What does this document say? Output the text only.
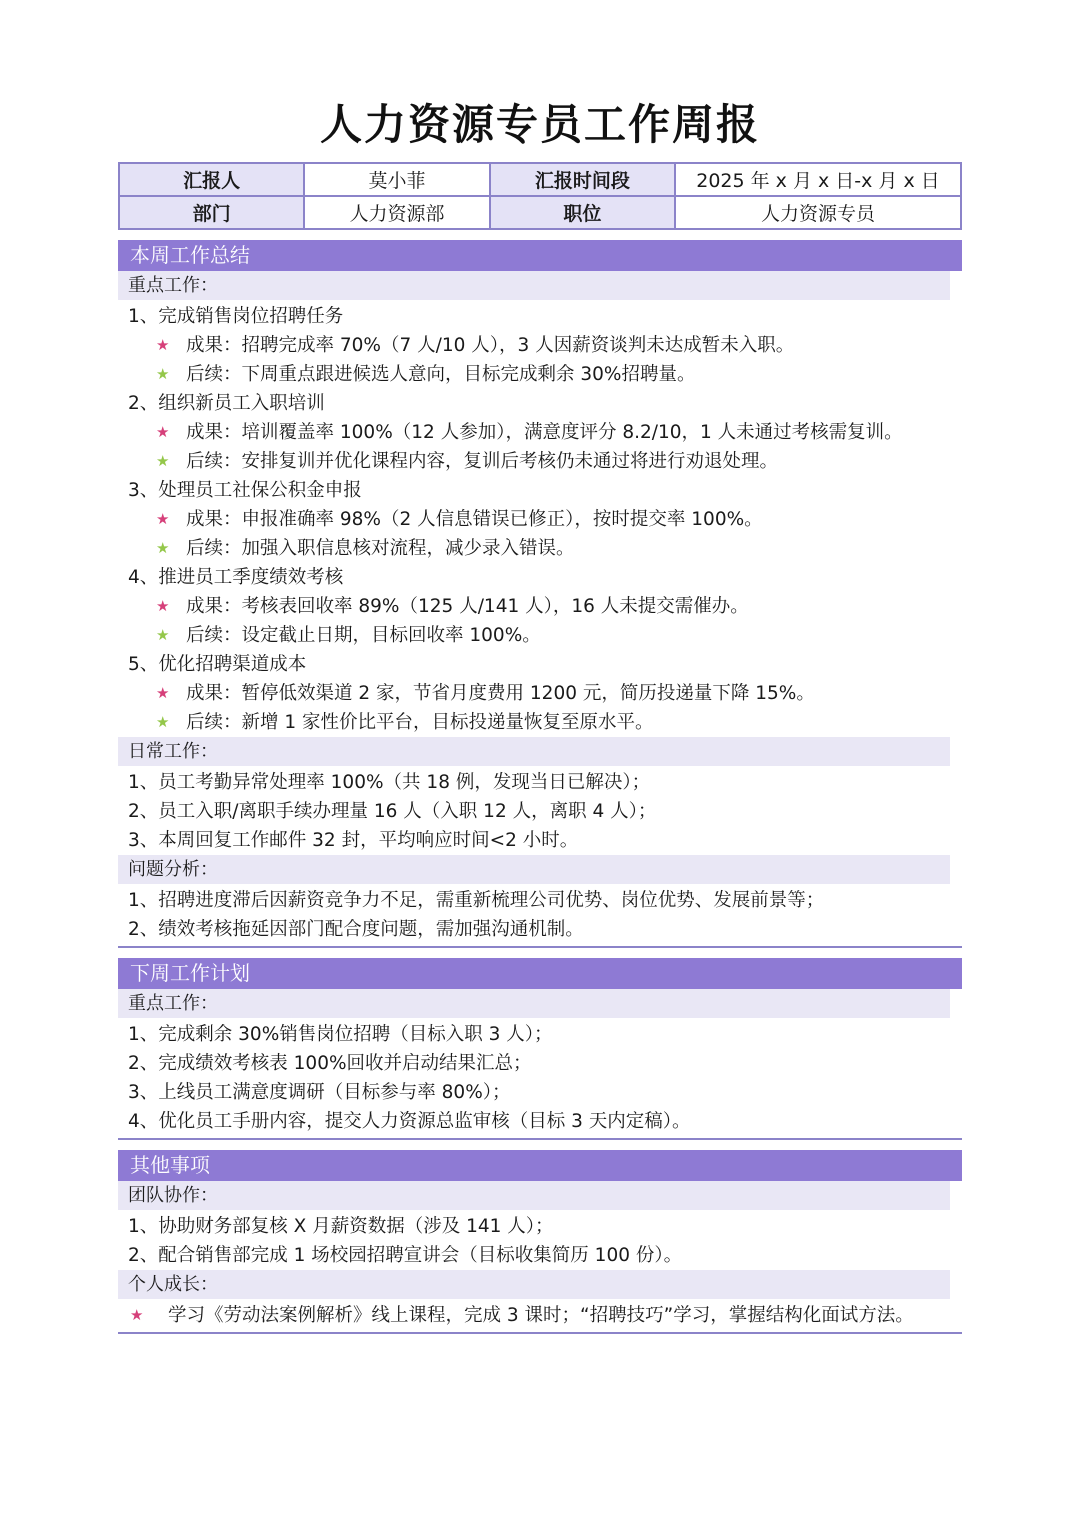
人力资源专员工作周报
汇报人	莫小菲	汇报时间段	2025 年 x 月 x 日-x 月 x 日
部门	人力资源部	职位	人力资源专员
本周工作总结
重点工作：
1、完成销售岗位招聘任务
★ 成果：招聘完成率 70%（7 人/10 人），3 人因薪资谈判未达成暂未入职。
★ 后续：下周重点跟进候选人意向，目标完成剩余 30%招聘量。
2、组织新员工入职培训
★ 成果：培训覆盖率 100%（12 人参加），满意度评分 8.2/10，1 人未通过考核需复训。
★ 后续：安排复训并优化课程内容，复训后考核仍未通过将进行劝退处理。
3、处理员工社保公积金申报
★ 成果：申报准确率 98%（2 人信息错误已修正），按时提交率 100%。
★ 后续：加强入职信息核对流程，减少录入错误。
4、推进员工季度绩效考核
★ 成果：考核表回收率 89%（125 人/141 人），16 人未提交需催办。
★ 后续：设定截止日期，目标回收率 100%。
5、优化招聘渠道成本
★ 成果：暂停低效渠道 2 家，节省月度费用 1200 元，简历投递量下降 15%。
★ 后续：新增 1 家性价比平台，目标投递量恢复至原水平。
日常工作：
1、员工考勤异常处理率 100%（共 18 例，发现当日已解决）；
2、员工入职/离职手续办理量 16 人（入职 12 人，离职 4 人）；
3、本周回复工作邮件 32 封，平均响应时间<2 小时。
问题分析：
1、招聘进度滞后因薪资竞争力不足，需重新梳理公司优势、岗位优势、发展前景等；
2、绩效考核拖延因部门配合度问题，需加强沟通机制。
下周工作计划
重点工作：
1、完成剩余 30%销售岗位招聘（目标入职 3 人）；
2、完成绩效考核表 100%回收并启动结果汇总；
3、上线员工满意度调研（目标参与率 80%）；
4、优化员工手册内容，提交人力资源总监审核（目标 3 天内定稿）。
其他事项
团队协作：
1、协助财务部复核 X 月薪资数据（涉及 141 人）；
2、配合销售部完成 1 场校园招聘宣讲会（目标收集简历 100 份）。
个人成长：
★ 学习《劳动法案例解析》线上课程，完成 3 课时；“招聘技巧”学习，掌握结构化面试方法。
